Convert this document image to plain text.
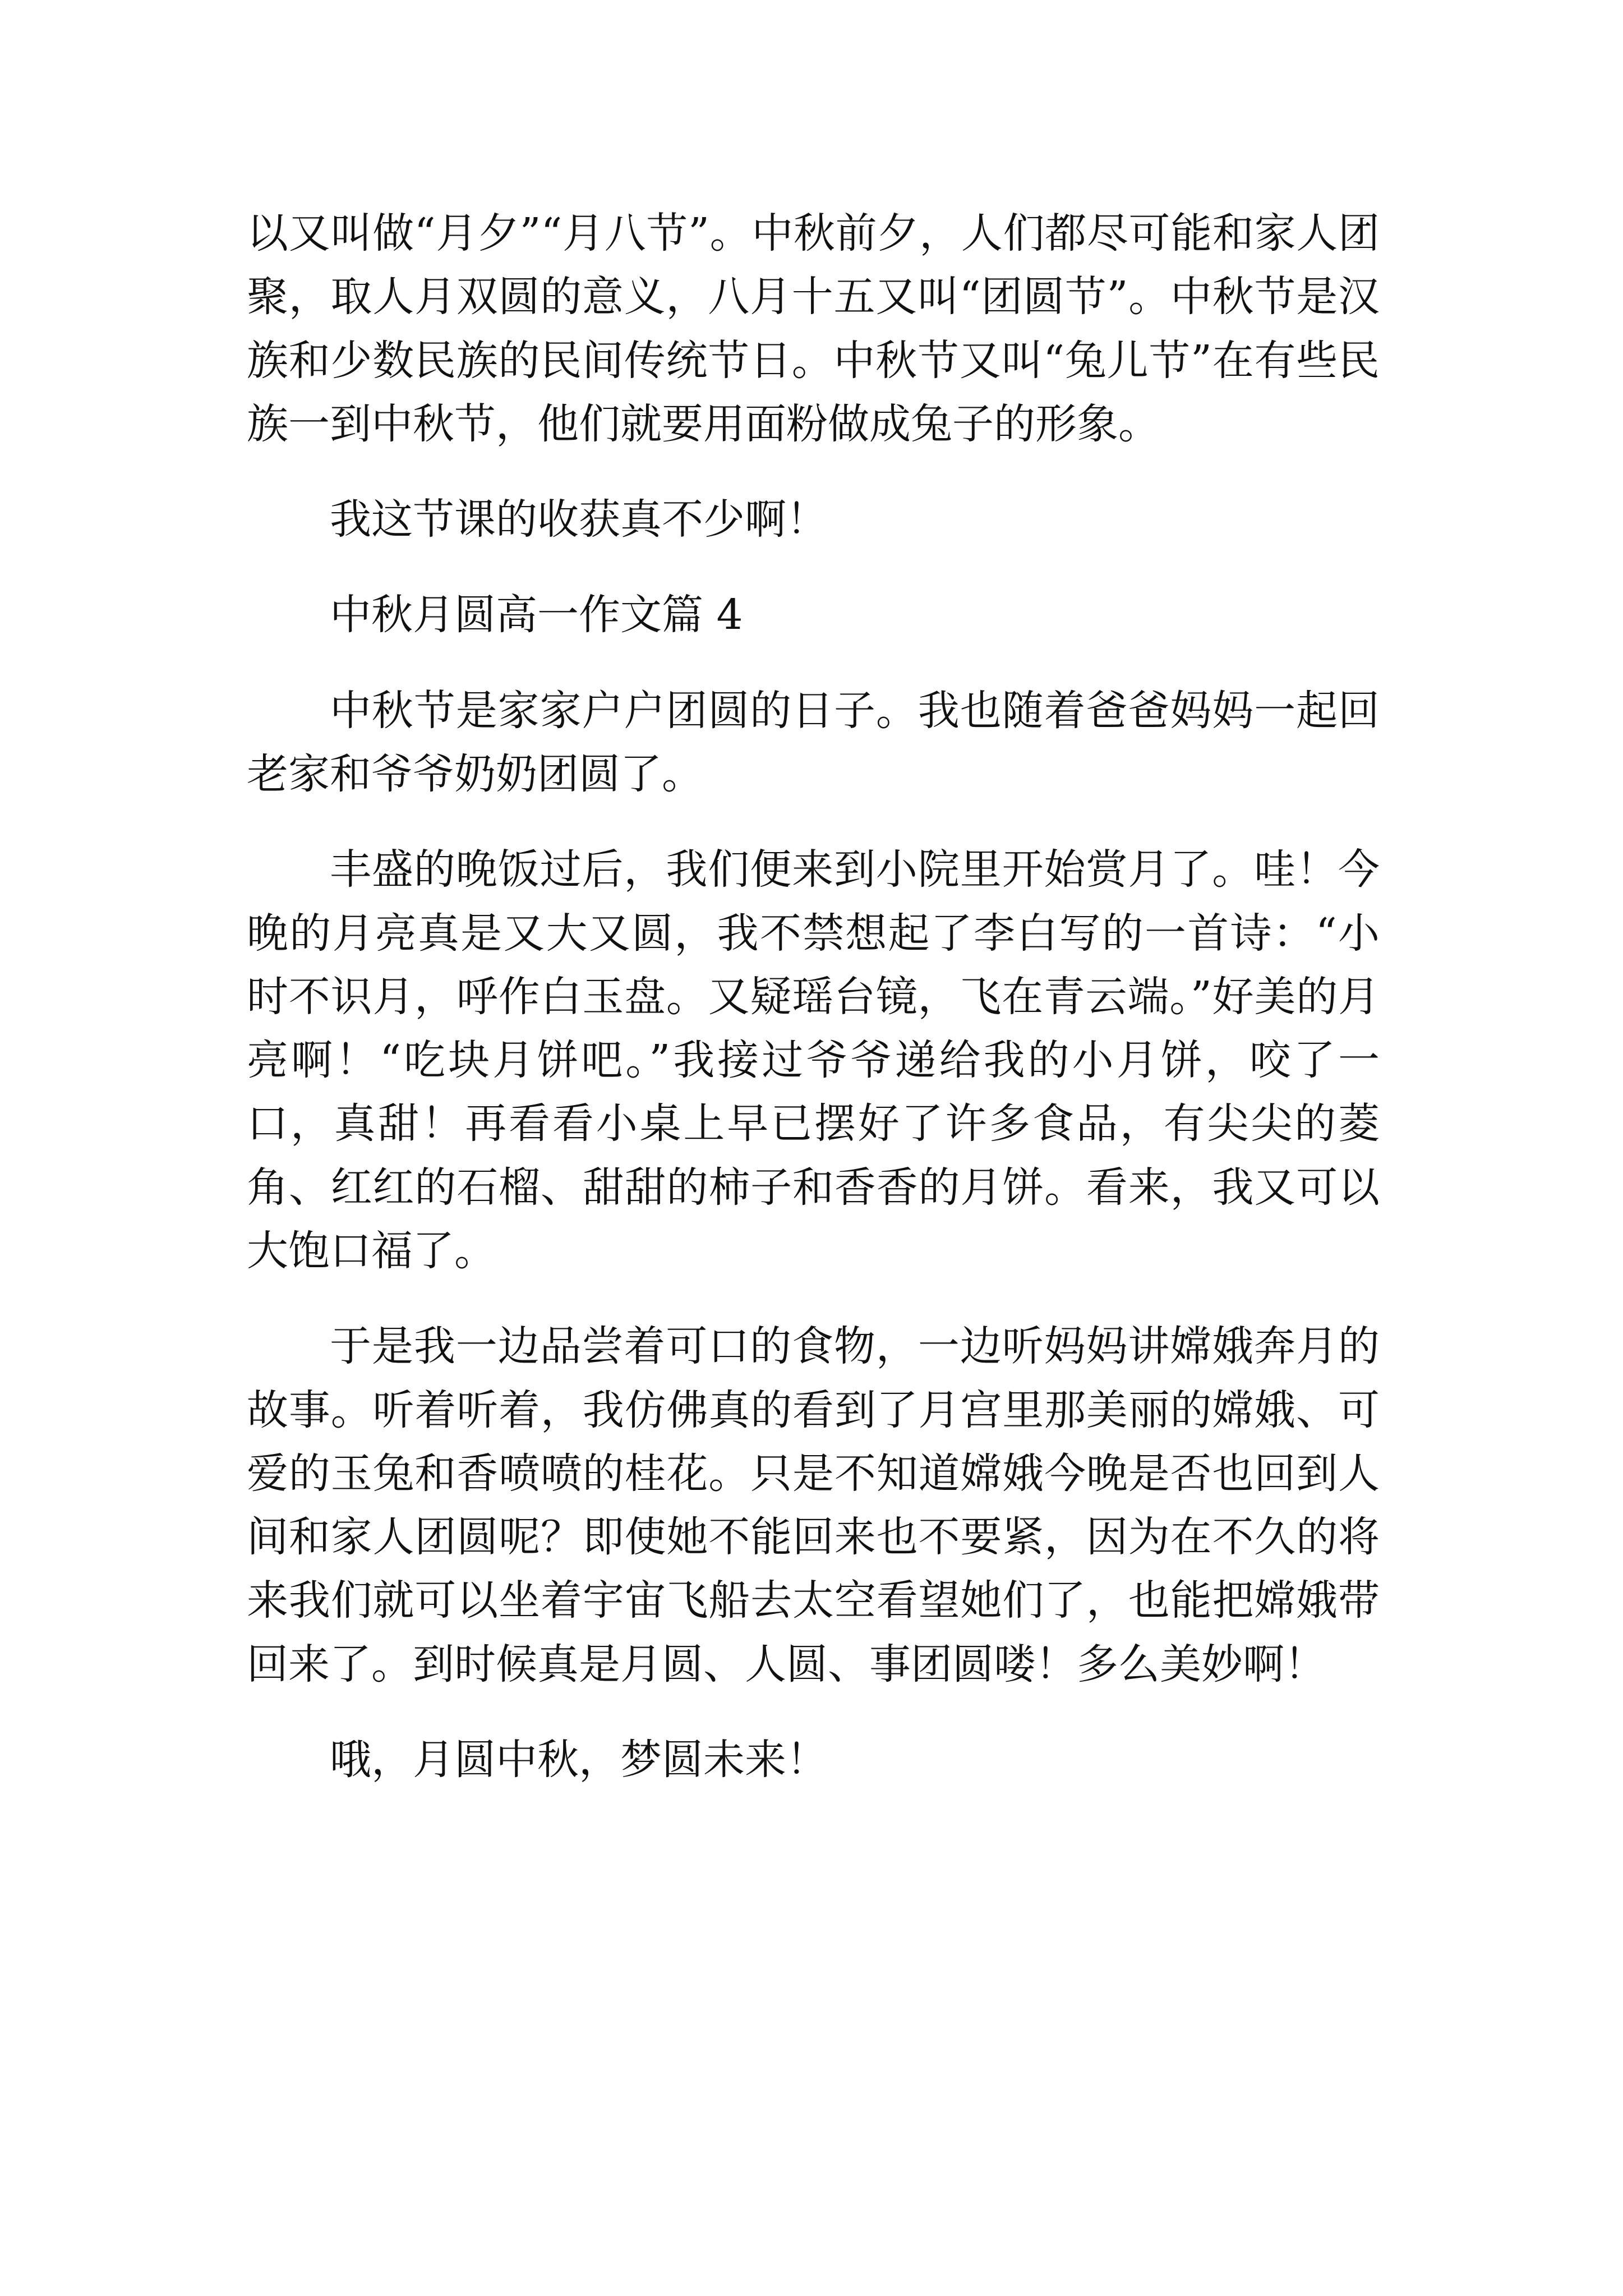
以又叫做“月夕”“月八节”。中秋前夕，人们都尽可能和家人团聚，取人月双圆的意义，八月十五又叫“团圆节”。中秋节是汉族和少数民族的民间传统节日。中秋节又叫“兔儿节”在有些民族一到中秋节，他们就要用面粉做成兔子的形象。

我这节课的收获真不少啊！

中秋月圆高一作文篇 4

中秋节是家家户户团圆的日子。我也随着爸爸妈妈一起回老家和爷爷奶奶团圆了。

丰盛的晚饭过后，我们便来到小院里开始赏月了。哇！今晚的月亮真是又大又圆，我不禁想起了李白写的一首诗：“小时不识月，呼作白玉盘。又疑瑶台镜，飞在青云端。”好美的月亮啊！“吃块月饼吧。”我接过爷爷递给我的小月饼，咬了一口，真甜！再看看小桌上早已摆好了许多食品，有尖尖的菱角、红红的石榴、甜甜的柿子和香香的月饼。看来，我又可以大饱口福了。

于是我一边品尝着可口的食物，一边听妈妈讲嫦娥奔月的故事。听着听着，我仿佛真的看到了月宫里那美丽的嫦娥、可爱的玉兔和香喷喷的桂花。只是不知道嫦娥今晚是否也回到人间和家人团圆呢？即使她不能回来也不要紧，因为在不久的将来我们就可以坐着宇宙飞船去太空看望她们了，也能把嫦娥带回来了。到时候真是月圆、人圆、事团圆喽！多么美妙啊！

哦，月圆中秋，梦圆未来！
